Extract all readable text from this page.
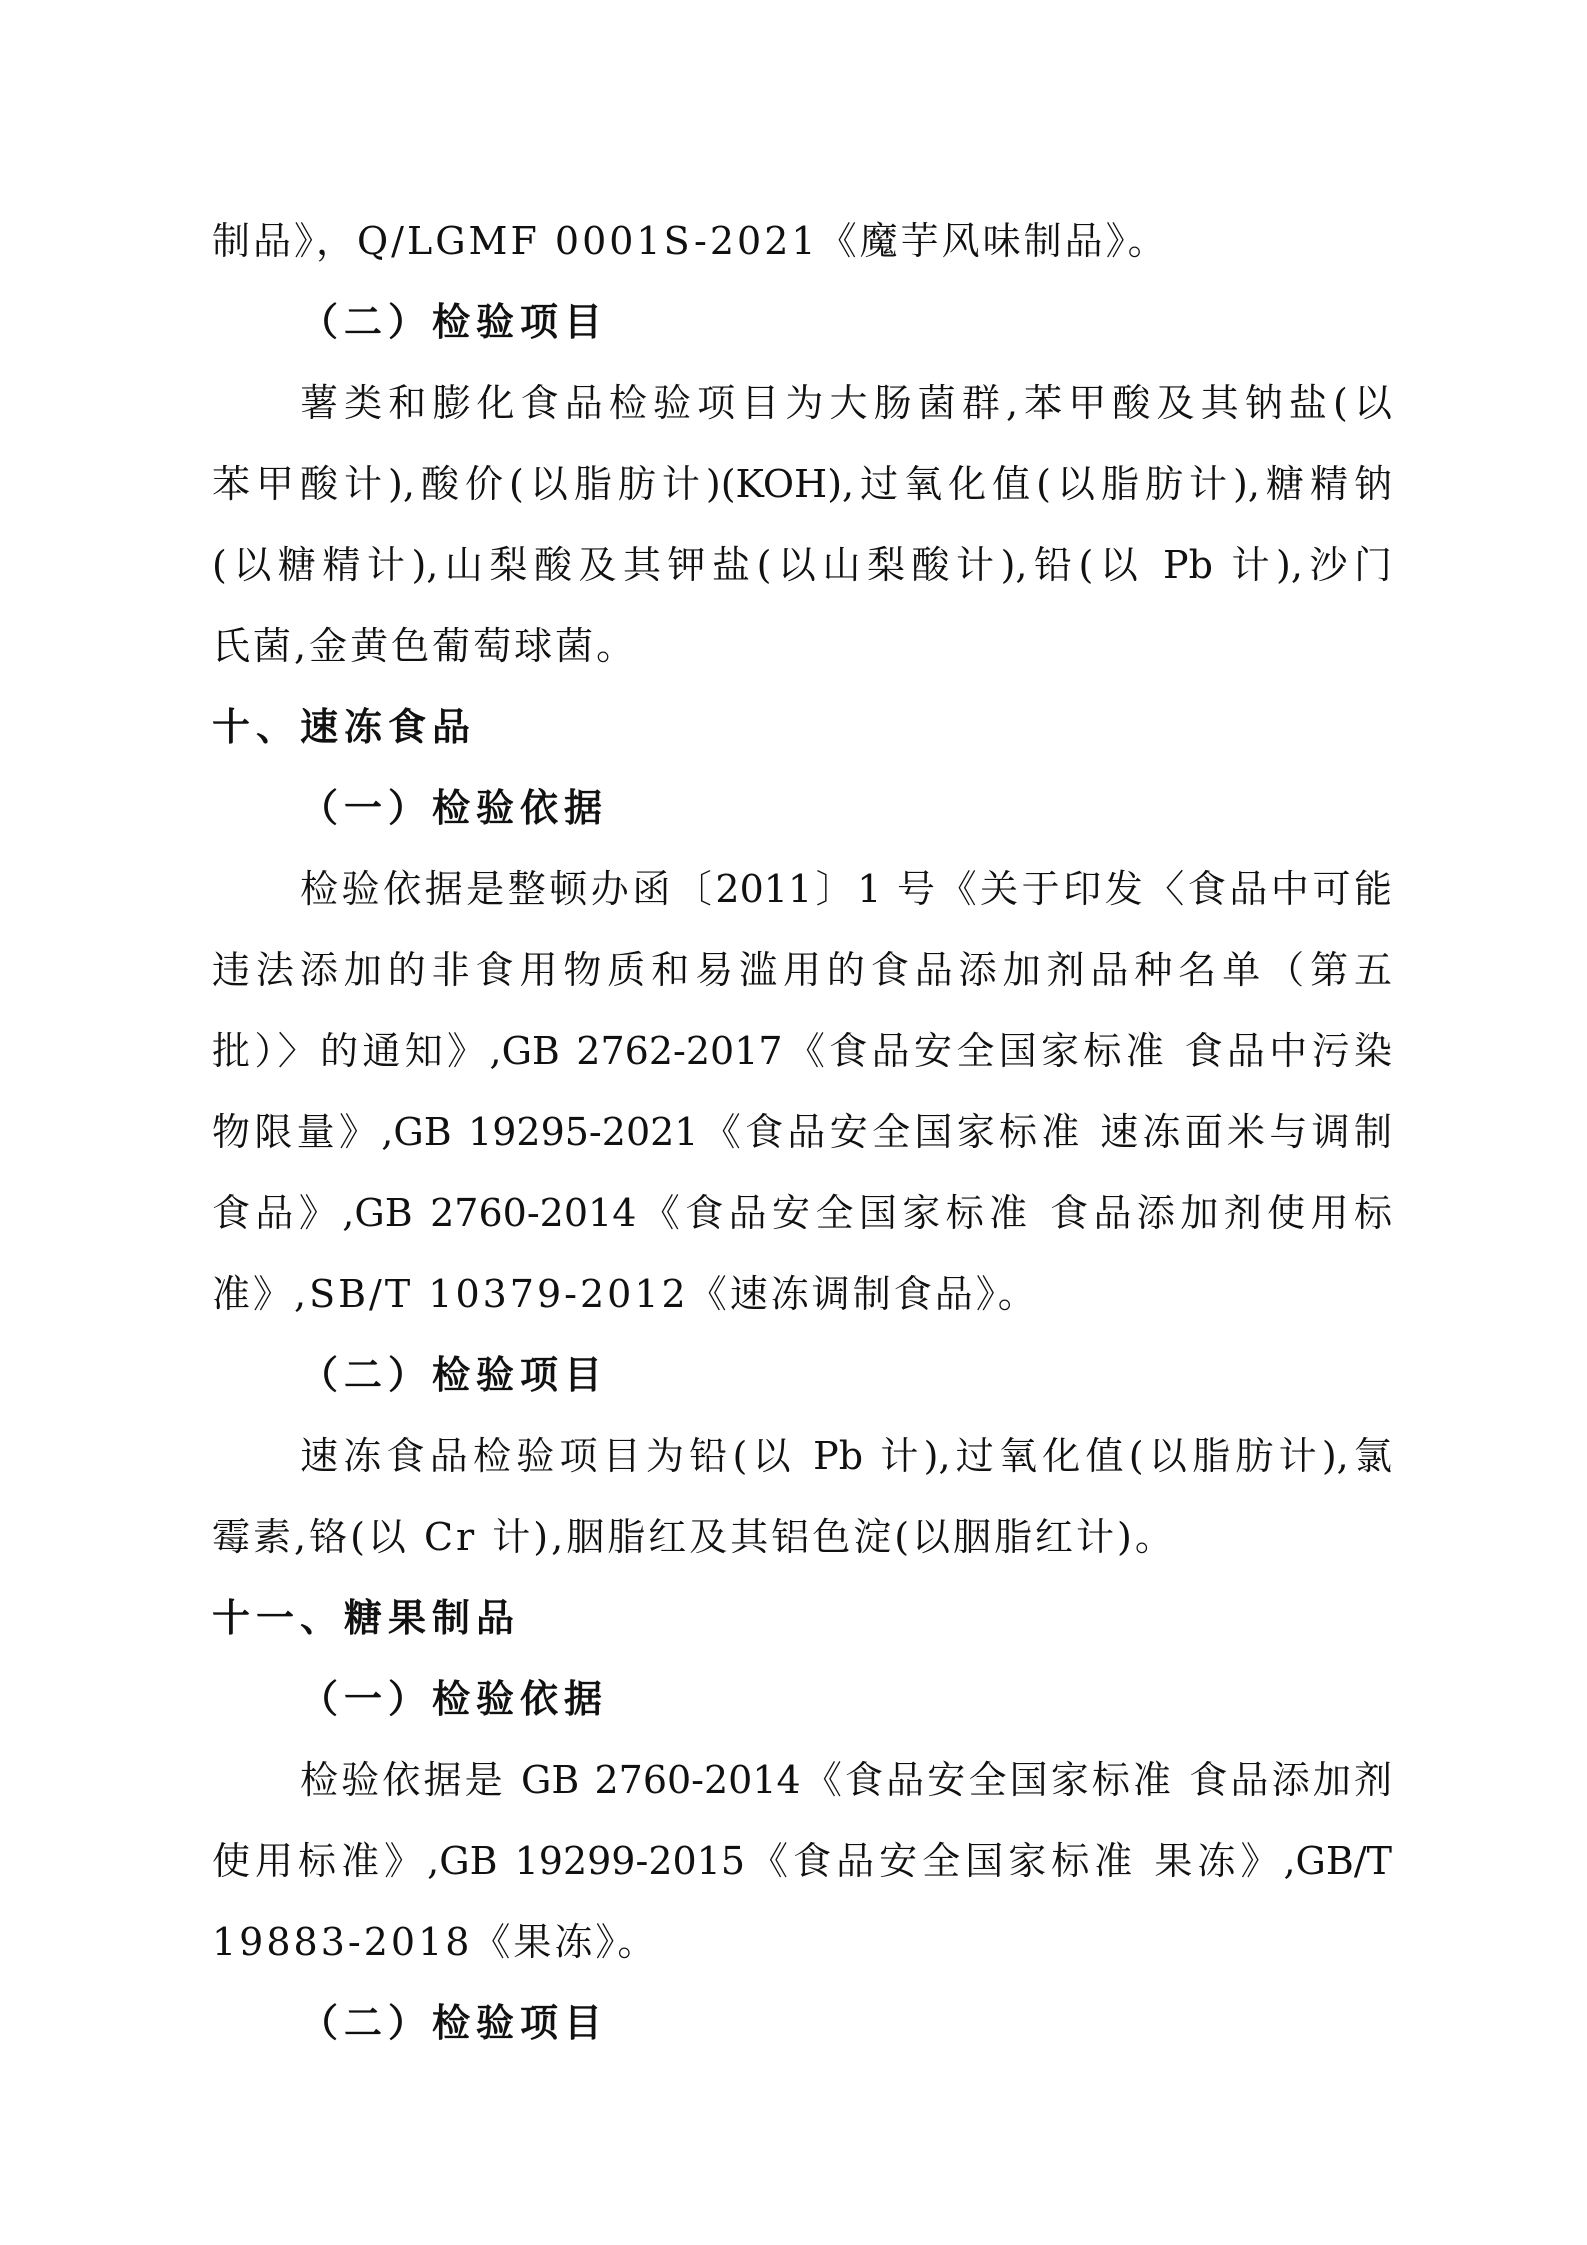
制品》，Q/LGMF 0001S-2021《魔芋风味制品》。
（二）检验项目
薯类和膨化食品检验项目为大肠菌群,苯甲酸及其钠盐(以
苯甲酸计),酸价(以脂肪计)(KOH),过氧化值(以脂肪计),糖精钠
(以糖精计),山梨酸及其钾盐(以山梨酸计),铅(以 Pb 计),沙门
氏菌,金黄色葡萄球菌。
十、速冻食品
（一）检验依据
检验依据是整顿办函〔2011〕1 号《关于印发〈食品中可能
违法添加的非食用物质和易滥用的食品添加剂品种名单（第五
批）〉的通知》,GB 2762-2017《食品安全国家标准 食品中污染
物限量》,GB 19295-2021《食品安全国家标准 速冻面米与调制
食品》,GB 2760-2014《食品安全国家标准 食品添加剂使用标
准》,SB/T 10379-2012《速冻调制食品》。
（二）检验项目
速冻食品检验项目为铅(以 Pb 计),过氧化值(以脂肪计),氯
霉素,铬(以 Cr 计),胭脂红及其铝色淀(以胭脂红计)。
十一、糖果制品
（一）检验依据
检验依据是 GB 2760-2014《食品安全国家标准 食品添加剂
使用标准》,GB 19299-2015《食品安全国家标准 果冻》,GB/T
19883-2018《果冻》。
（二）检验项目
